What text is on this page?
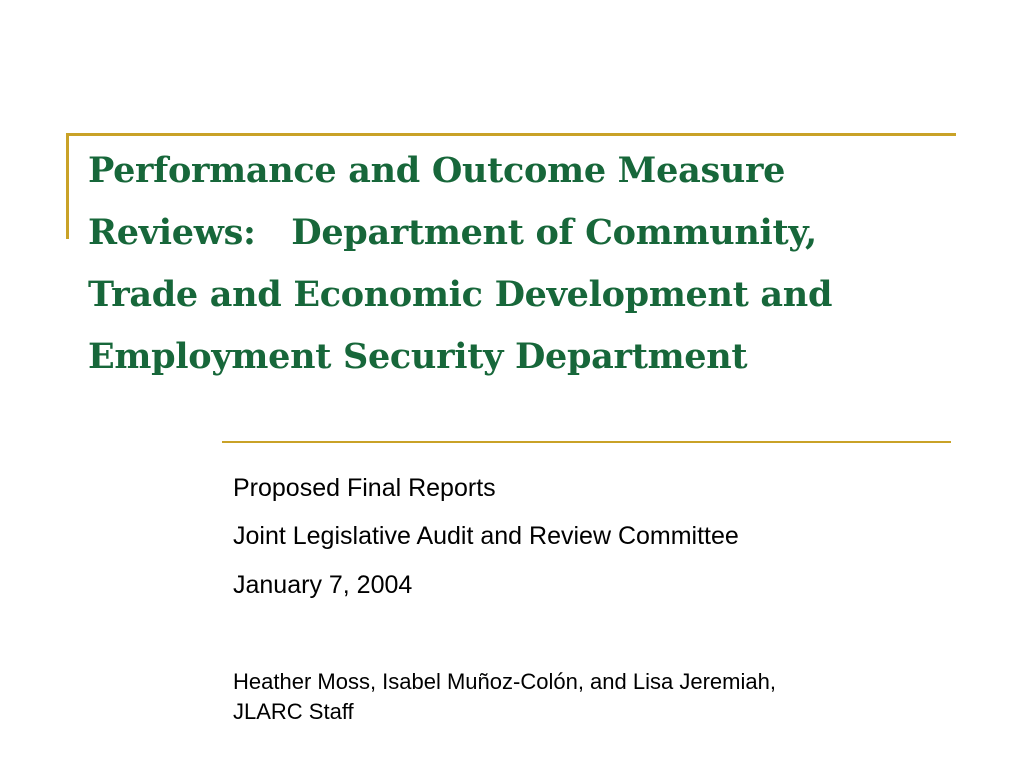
Performance and Outcome Measure
Reviews:   Department of Community,
Trade and Economic Development and
Employment Security Department

Proposed Final Reports

Joint Legislative Audit and Review Committee

January 7, 2004

Heather Moss, Isabel Muñoz-Colón, and Lisa Jeremiah,
JLARC Staff
